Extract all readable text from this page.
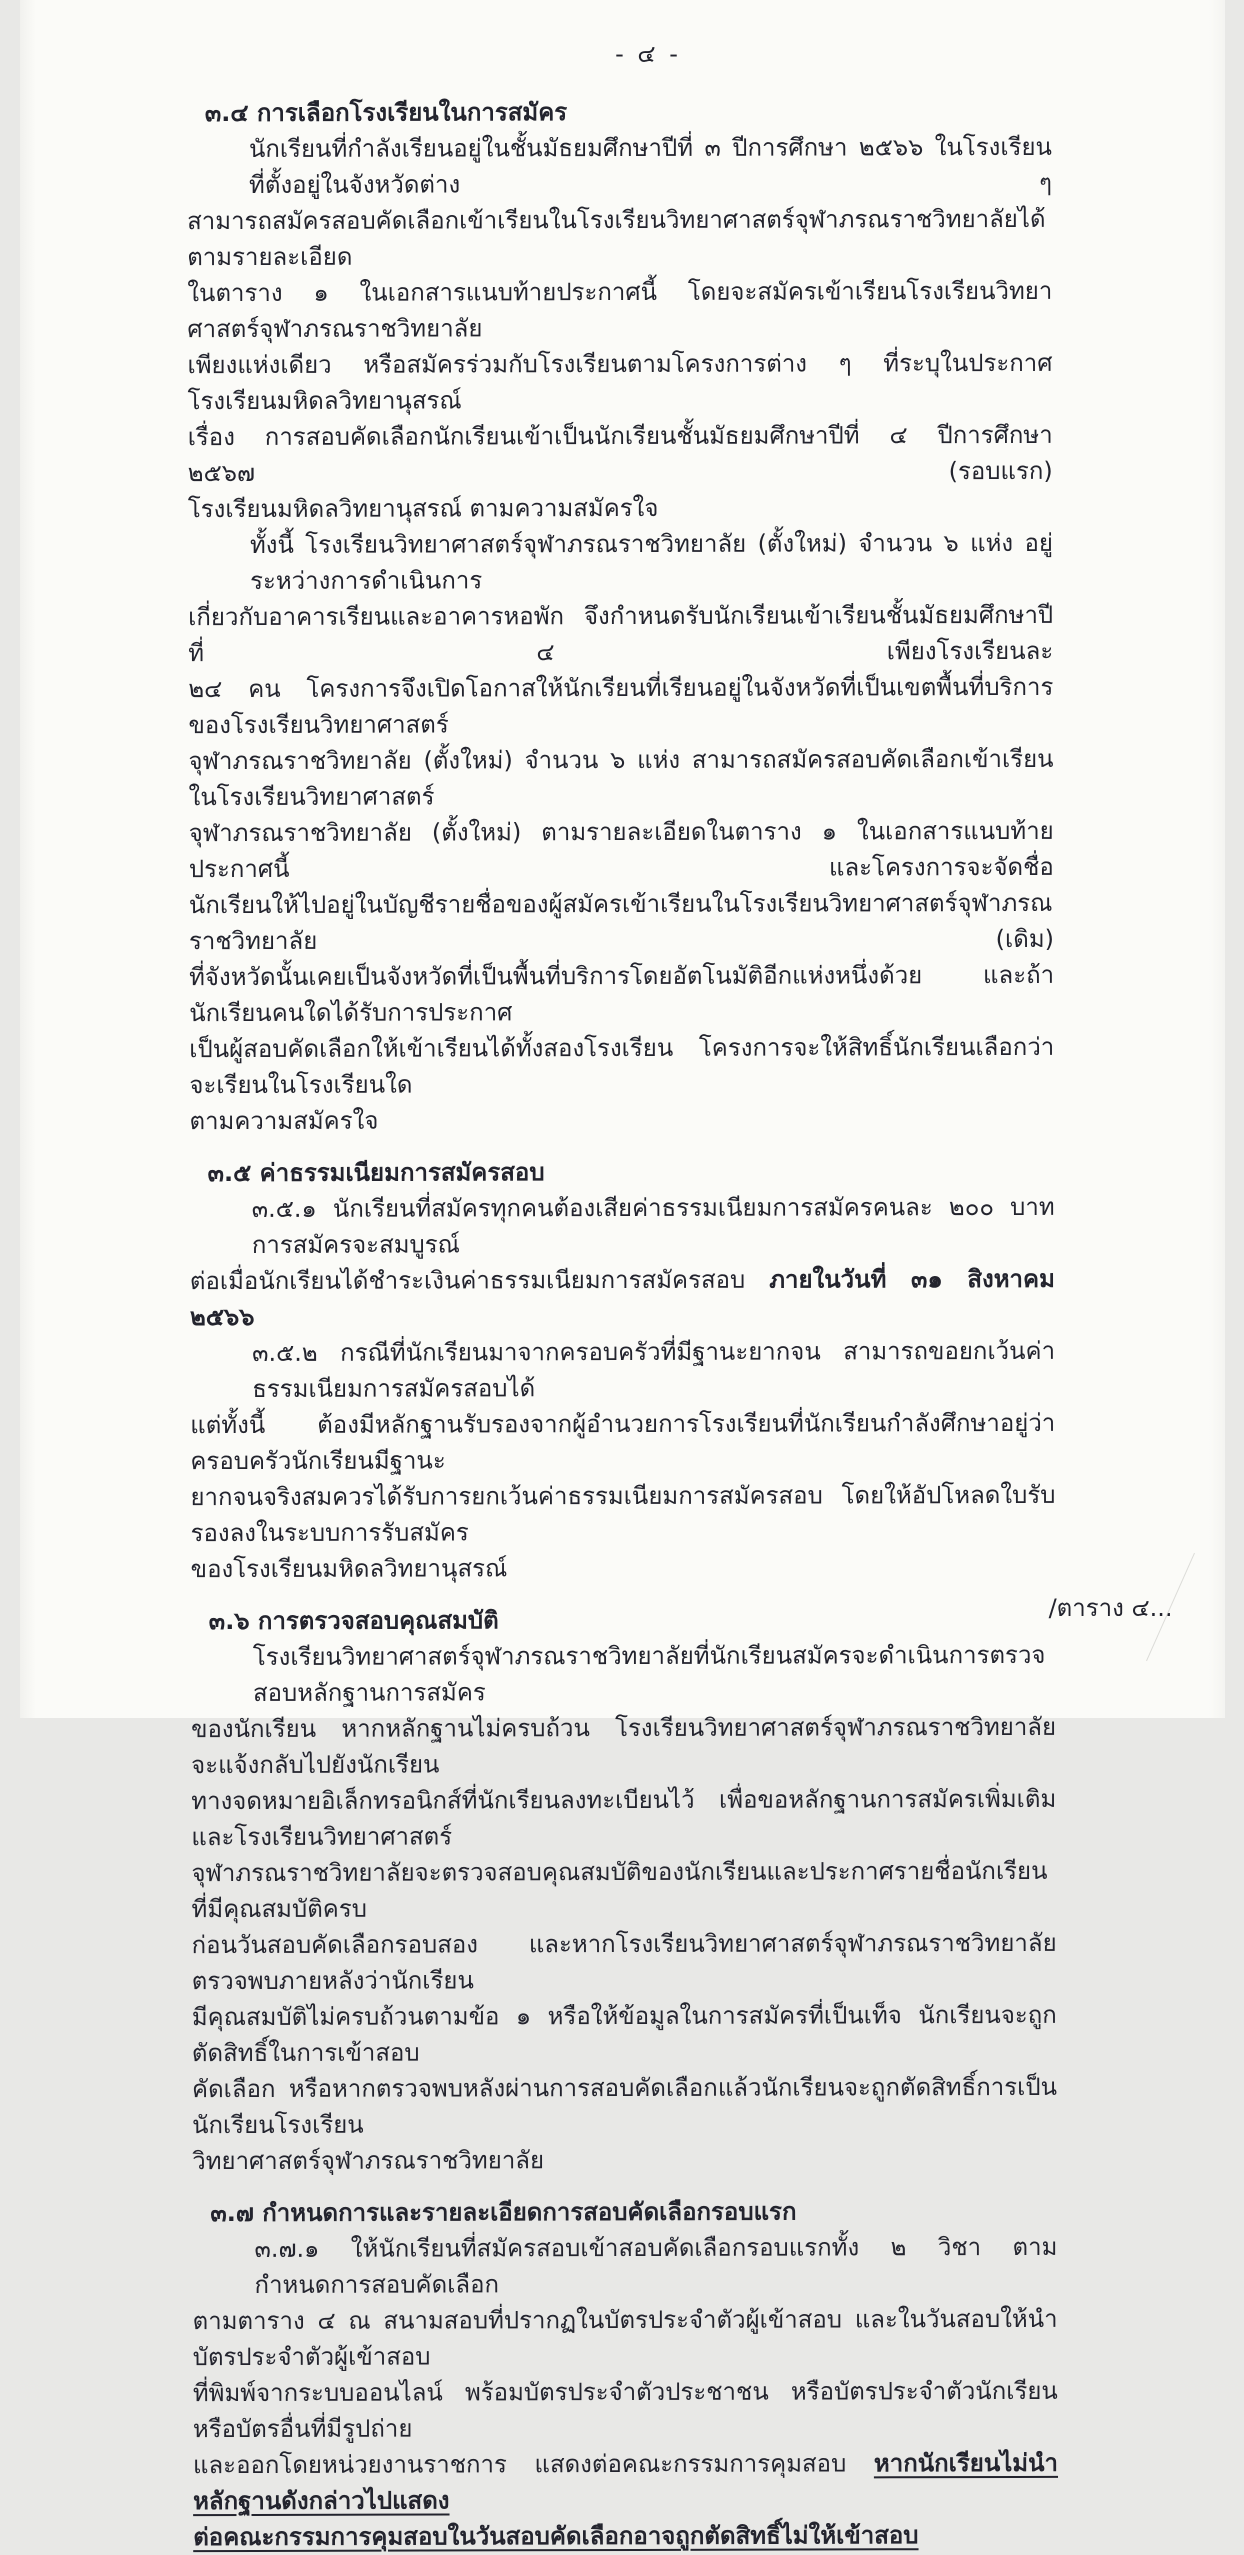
- ๔ -
๓.๔ การเลือกโรงเรียนในการสมัคร
นักเรียนที่กำลังเรียนอยู่ในชั้นมัธยมศึกษาปีที่ ๓ ปีการศึกษา ๒๕๖๖ ในโรงเรียนที่ตั้งอยู่ในจังหวัดต่าง ๆ
สามารถสมัครสอบคัดเลือกเข้าเรียนในโรงเรียนวิทยาศาสตร์จุฬาภรณราชวิทยาลัยได้ ตามรายละเอียด
ในตาราง ๑ ในเอกสารแนบท้ายประกาศนี้ โดยจะสมัครเข้าเรียนโรงเรียนวิทยาศาสตร์จุฬาภรณราชวิทยาลัย
เพียงแห่งเดียว หรือสมัครร่วมกับโรงเรียนตามโครงการต่าง ๆ ที่ระบุในประกาศโรงเรียนมหิดลวิทยานุสรณ์
เรื่อง การสอบคัดเลือกนักเรียนเข้าเป็นนักเรียนชั้นมัธยมศึกษาปีที่ ๔ ปีการศึกษา ๒๕๖๗ (รอบแรก)
โรงเรียนมหิดลวิทยานุสรณ์ ตามความสมัครใจ
ทั้งนี้ โรงเรียนวิทยาศาสตร์จุฬาภรณราชวิทยาลัย (ตั้งใหม่) จำนวน ๖ แห่ง อยู่ระหว่างการดำเนินการ
เกี่ยวกับอาคารเรียนและอาคารหอพัก จึงกำหนดรับนักเรียนเข้าเรียนชั้นมัธยมศึกษาปีที่ ๔ เพียงโรงเรียนละ
๒๔ คน โครงการจึงเปิดโอกาสให้นักเรียนที่เรียนอยู่ในจังหวัดที่เป็นเขตพื้นที่บริการของโรงเรียนวิทยาศาสตร์
จุฬาภรณราชวิทยาลัย (ตั้งใหม่) จำนวน ๖ แห่ง สามารถสมัครสอบคัดเลือกเข้าเรียนในโรงเรียนวิทยาศาสตร์
จุฬาภรณราชวิทยาลัย (ตั้งใหม่) ตามรายละเอียดในตาราง ๑ ในเอกสารแนบท้ายประกาศนี้ และโครงการจะจัดชื่อ
นักเรียนให้ไปอยู่ในบัญชีรายชื่อของผู้สมัครเข้าเรียนในโรงเรียนวิทยาศาสตร์จุฬาภรณราชวิทยาลัย (เดิม)
ที่จังหวัดนั้นเคยเป็นจังหวัดที่เป็นพื้นที่บริการโดยอัตโนมัติอีกแห่งหนึ่งด้วย และถ้านักเรียนคนใดได้รับการประกาศ
เป็นผู้สอบคัดเลือกให้เข้าเรียนได้ทั้งสองโรงเรียน โครงการจะให้สิทธิ์นักเรียนเลือกว่าจะเรียนในโรงเรียนใด
ตามความสมัครใจ
๓.๕ ค่าธรรมเนียมการสมัครสอบ
๓.๕.๑ นักเรียนที่สมัครทุกคนต้องเสียค่าธรรมเนียมการสมัครคนละ ๒๐๐ บาท การสมัครจะสมบูรณ์
ต่อเมื่อนักเรียนได้ชำระเงินค่าธรรมเนียมการสมัครสอบ ภายในวันที่ ๓๑ สิงหาคม ๒๕๖๖
๓.๕.๒ กรณีที่นักเรียนมาจากครอบครัวที่มีฐานะยากจน สามารถขอยกเว้นค่าธรรมเนียมการสมัครสอบได้
แต่ทั้งนี้ ต้องมีหลักฐานรับรองจากผู้อำนวยการโรงเรียนที่นักเรียนกำลังศึกษาอยู่ว่าครอบครัวนักเรียนมีฐานะ
ยากจนจริงสมควรได้รับการยกเว้นค่าธรรมเนียมการสมัครสอบ โดยให้อัปโหลดใบรับรองลงในระบบการรับสมัคร
ของโรงเรียนมหิดลวิทยานุสรณ์
๓.๖ การตรวจสอบคุณสมบัติ
โรงเรียนวิทยาศาสตร์จุฬาภรณราชวิทยาลัยที่นักเรียนสมัครจะดำเนินการตรวจสอบหลักฐานการสมัคร
ของนักเรียน หากหลักฐานไม่ครบถ้วน โรงเรียนวิทยาศาสตร์จุฬาภรณราชวิทยาลัย จะแจ้งกลับไปยังนักเรียน
ทางจดหมายอิเล็กทรอนิกส์ที่นักเรียนลงทะเบียนไว้ เพื่อขอหลักฐานการสมัครเพิ่มเติม และโรงเรียนวิทยาศาสตร์
จุฬาภรณราชวิทยาลัยจะตรวจสอบคุณสมบัติของนักเรียนและประกาศรายชื่อนักเรียนที่มีคุณสมบัติครบ
ก่อนวันสอบคัดเลือกรอบสอง และหากโรงเรียนวิทยาศาสตร์จุฬาภรณราชวิทยาลัย ตรวจพบภายหลังว่านักเรียน
มีคุณสมบัติไม่ครบถ้วนตามข้อ ๑ หรือให้ข้อมูลในการสมัครที่เป็นเท็จ นักเรียนจะถูกตัดสิทธิ์ในการเข้าสอบ
คัดเลือก หรือหากตรวจพบหลังผ่านการสอบคัดเลือกแล้วนักเรียนจะถูกตัดสิทธิ์การเป็นนักเรียนโรงเรียน
วิทยาศาสตร์จุฬาภรณราชวิทยาลัย
๓.๗ กำหนดการและรายละเอียดการสอบคัดเลือกรอบแรก
๓.๗.๑ ให้นักเรียนที่สมัครสอบเข้าสอบคัดเลือกรอบแรกทั้ง ๒ วิชา ตามกำหนดการสอบคัดเลือก
ตามตาราง ๔ ณ สนามสอบที่ปรากฏในบัตรประจำตัวผู้เข้าสอบ และในวันสอบให้นำบัตรประจำตัวผู้เข้าสอบ
ที่พิมพ์จากระบบออนไลน์ พร้อมบัตรประจำตัวประชาชน หรือบัตรประจำตัวนักเรียน หรือบัตรอื่นที่มีรูปถ่าย
และออกโดยหน่วยงานราชการ แสดงต่อคณะกรรมการคุมสอบ หากนักเรียนไม่นำหลักฐานดังกล่าวไปแสดง
ต่อคณะกรรมการคุมสอบในวันสอบคัดเลือกอาจถูกตัดสิทธิ์ไม่ให้เข้าสอบ
/ตาราง ๔...
